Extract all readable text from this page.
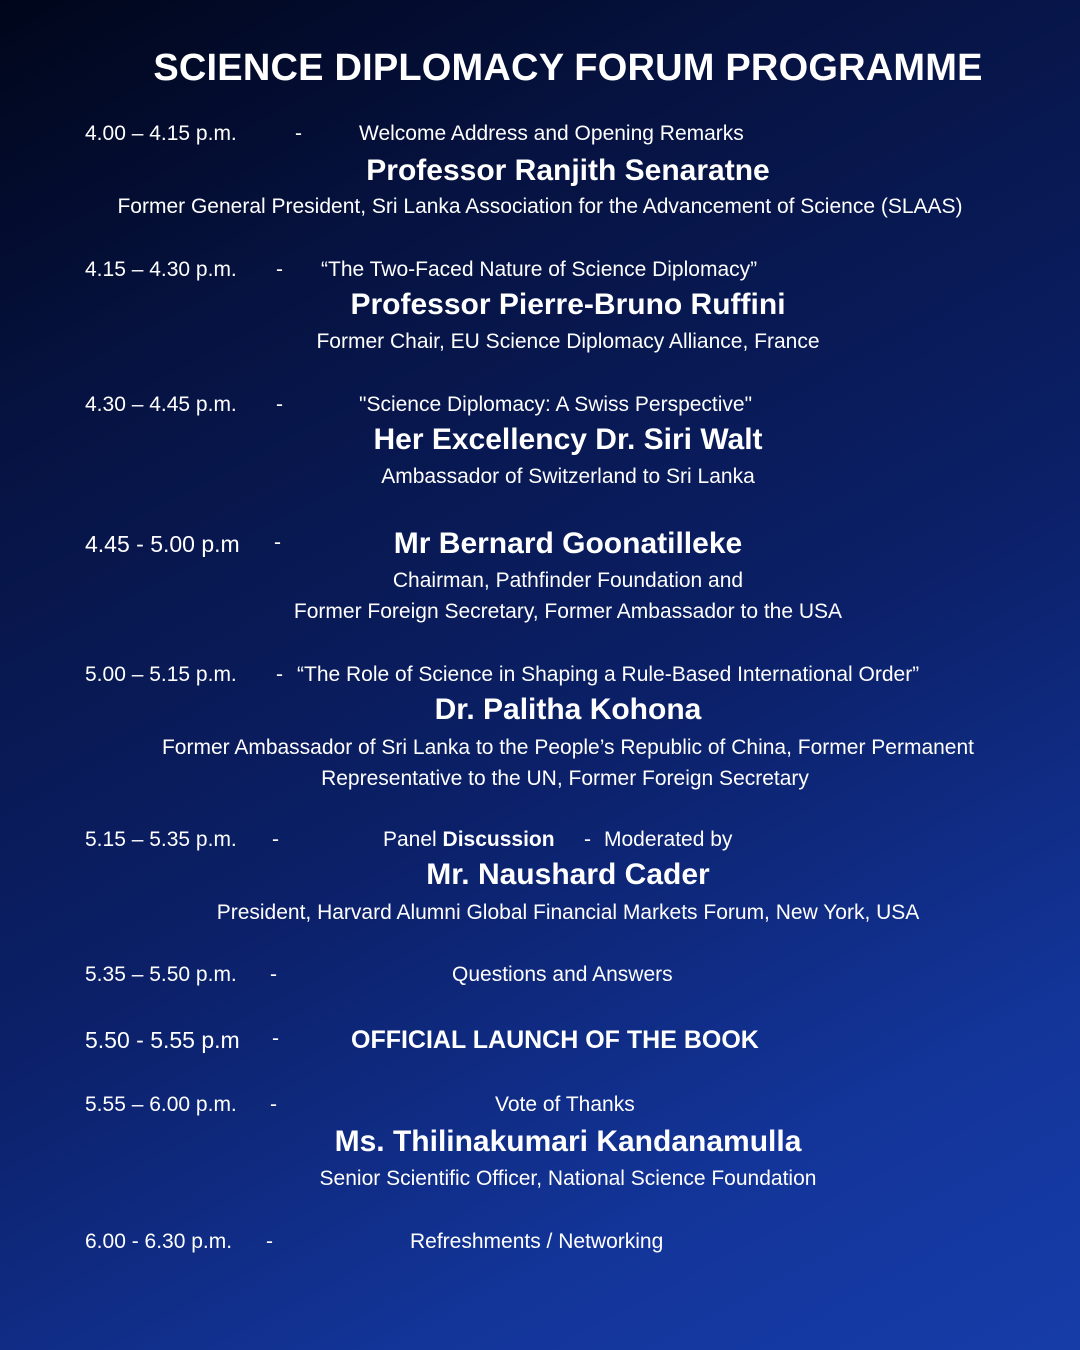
SCIENCE DIPLOMACY FORUM PROGRAMME
4.00 – 4.15 p.m.	-	Welcome Address and Opening Remarks
Professor Ranjith Senaratne
Former General President, Sri Lanka Association for the Advancement of Science (SLAAS)
4.15 – 4.30 p.m. - “The Two-Faced Nature of Science Diplomacy”
Professor Pierre-Bruno Ruffini
Former Chair, EU Science Diplomacy Alliance, France
4.30 – 4.45 p.m. -	"Science Diplomacy: A Swiss Perspective"
Her Excellency Dr. Siri Walt
Ambassador of Switzerland to Sri Lanka
4.45 - 5.00 p.m -	Mr Bernard Goonatilleke
Chairman, Pathfinder Foundation and
Former Foreign Secretary, Former Ambassador to the USA
5.00 – 5.15 p.m. - “The Role of Science in Shaping a Rule-Based International Order”
Dr. Palitha Kohona
Former Ambassador of Sri Lanka to the People’s Republic of China, Former Permanent
Representative to the UN, Former Foreign Secretary
5.15 – 5.35 p.m. -	Panel Discussion - Moderated by
Mr. Naushard Cader
President, Harvard Alumni Global Financial Markets Forum, New York, USA
5.35 – 5.50 p.m. -	Questions and Answers
5.50 - 5.55 p.m -	OFFICIAL LAUNCH OF THE BOOK
5.55 – 6.00 p.m. -	Vote of Thanks
Ms. Thilinakumari Kandanamulla
Senior Scientific Officer, National Science Foundation
6.00 - 6.30 p.m. -	Refreshments / Networking
